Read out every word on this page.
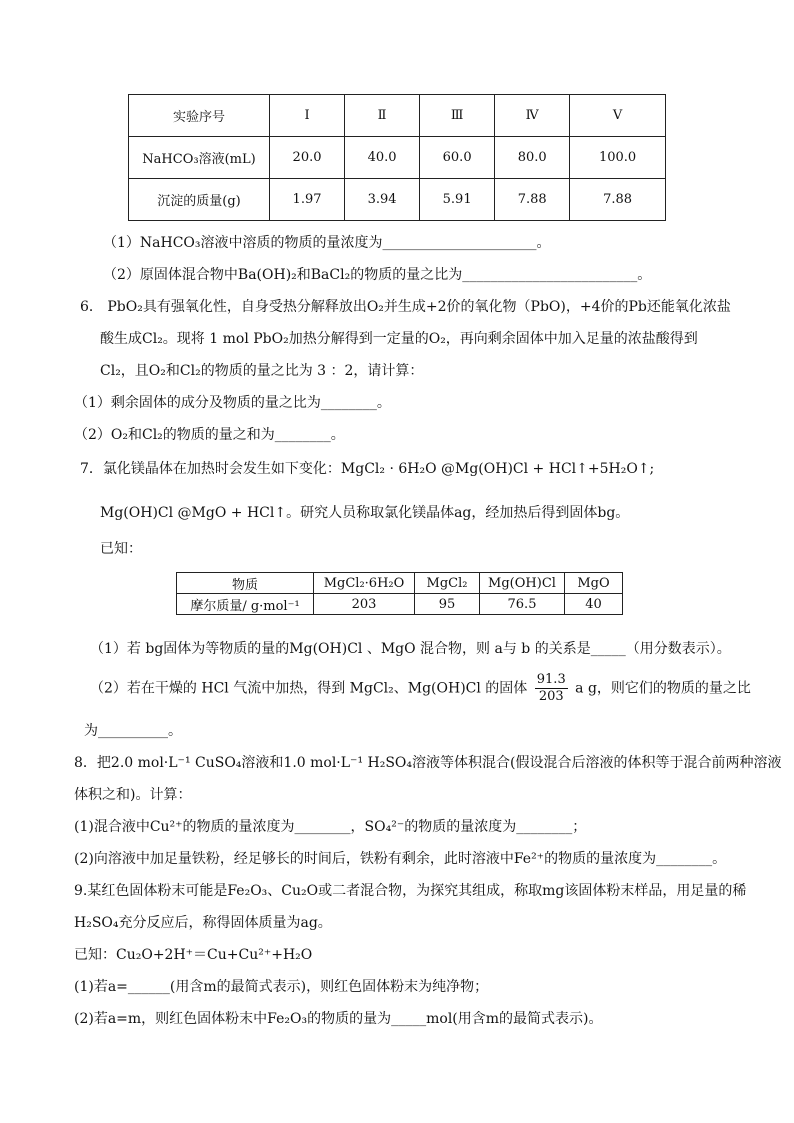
实验序号	Ⅰ	Ⅱ	Ⅲ	Ⅳ	Ⅴ
NaHCO₃溶液(mL)	20.0	40.0	60.0	80.0	100.0
沉淀的质量(g)	1.97	3.94	5.91	7.88	7.88
（1）NaHCO₃溶液中溶质的物质的量浓度为______________________。
（2）原固体混合物中Ba(OH)₂和BaCl₂的物质的量之比为_________________________。
6． PbO₂具有强氧化性，自身受热分解释放出O₂并生成+2价的氧化物（PbO)，+4价的Pb还能氧化浓盐
酸生成Cl₂。现将 1 mol PbO₂加热分解得到一定量的O₂，再向剩余固体中加入足量的浓盐酸得到
Cl₂，且O₂和Cl₂的物质的量之比为 3 ：2，请计算：
（1）剩余固体的成分及物质的量之比为________。
（2）O₂和Cl₂的物质的量之和为________。
7．氯化镁晶体在加热时会发生如下变化：MgCl₂ · 6H₂O @Mg(OH)Cl + HCl↑+5H₂O↑;
Mg(OH)Cl @MgO + HCl↑。研究人员称取氯化镁晶体ag，经加热后得到固体bg。
已知：
物质	MgCl₂·6H₂O	MgCl₂	Mg(OH)Cl	MgO
摩尔质量/ g·mol⁻¹	203	95	76.5	40
（1）若 bg固体为等物质的量的Mg(OH)Cl 、MgO 混合物，则 a与 b 的关系是_____（用分数表示）。
（2）若在干燥的 HCl 气流中加热，得到 MgCl₂、Mg(OH)Cl 的固体 $\frac{91.3}{203}$ a g，则它们的物质的量之比
为__________。
8．把2.0 mol·L⁻¹ CuSO₄溶液和1.0 mol·L⁻¹ H₂SO₄溶液等体积混合(假设混合后溶液的体积等于混合前两种溶液
体积之和)。计算：
(1)混合液中Cu²⁺的物质的量浓度为________，SO₄²⁻的物质的量浓度为________；
(2)向溶液中加足量铁粉，经足够长的时间后，铁粉有剩余，此时溶液中Fe²⁺的物质的量浓度为________。
9.某红色固体粉末可能是Fe₂O₃、Cu₂O或二者混合物，为探究其组成，称取mg该固体粉末样品，用足量的稀
H₂SO₄充分反应后，称得固体质量为ag。
已知：Cu₂O+2H⁺＝Cu+Cu²⁺+H₂O
(1)若a=______(用含m的最简式表示)，则红色固体粉末为纯净物；
(2)若a=m，则红色固体粉末中Fe₂O₃的物质的量为_____mol(用含m的最简式表示)。
